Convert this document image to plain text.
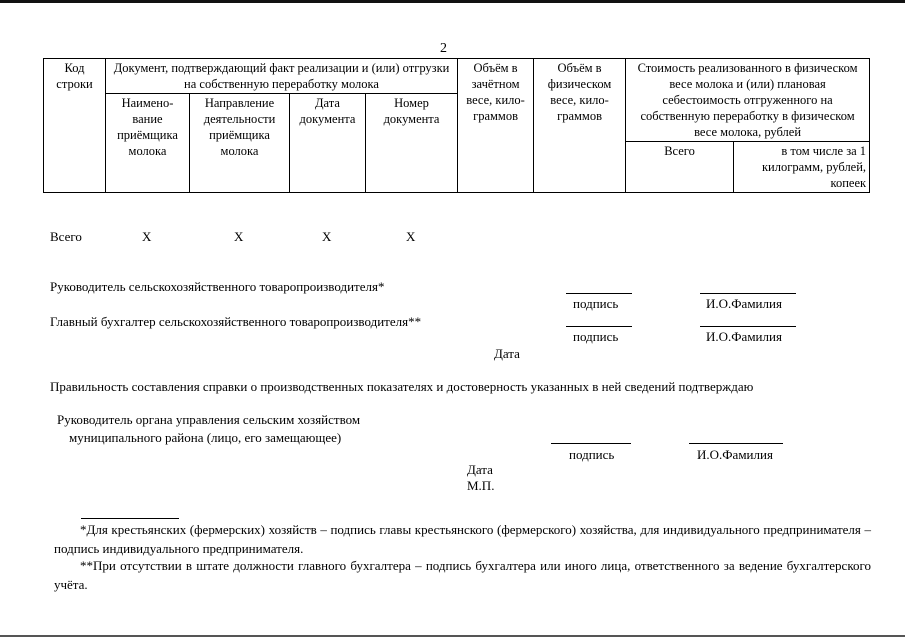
2
Код строки	Документ, подтверждающий факт реализации и (или) отгрузки на собственную переработку молока				Объём в зачётном весе, кило-граммов	Объём в физическом весе, кило-граммов	Стоимость реализованного в физическом весе молока и (или) плановая себестоимость отгруженного на собственную переработку в физическом весе молока, рублей	
	Наимено-вание приёмщика молока	Направление деятельности приёмщика молока	Дата документа	Номер документа				
							Всего	в том числе за 1 килограмм, рублей, копеек
Всего	Х	Х	Х	Х
Руководитель сельскохозяйственного товаропроизводителя*
подпись	И.О.Фамилия
Главный бухгалтер сельскохозяйственного товаропроизводителя**
подпись	И.О.Фамилия
Дата
Правильность составления справки о производственных показателях и достоверность указанных в ней сведений подтверждаю
Руководитель органа управления сельским хозяйством
муниципального района (лицо, его замещающее)
подпись	И.О.Фамилия
Дата
М.П.
*Для крестьянских (фермерских) хозяйств – подпись главы крестьянского (фермерского) хозяйства, для индивидуального предпринимателя – подпись индивидуального предпринимателя.
**При отсутствии в штате должности главного бухгалтера – подпись бухгалтера или иного лица, ответственного за ведение бухгалтерского учёта.
